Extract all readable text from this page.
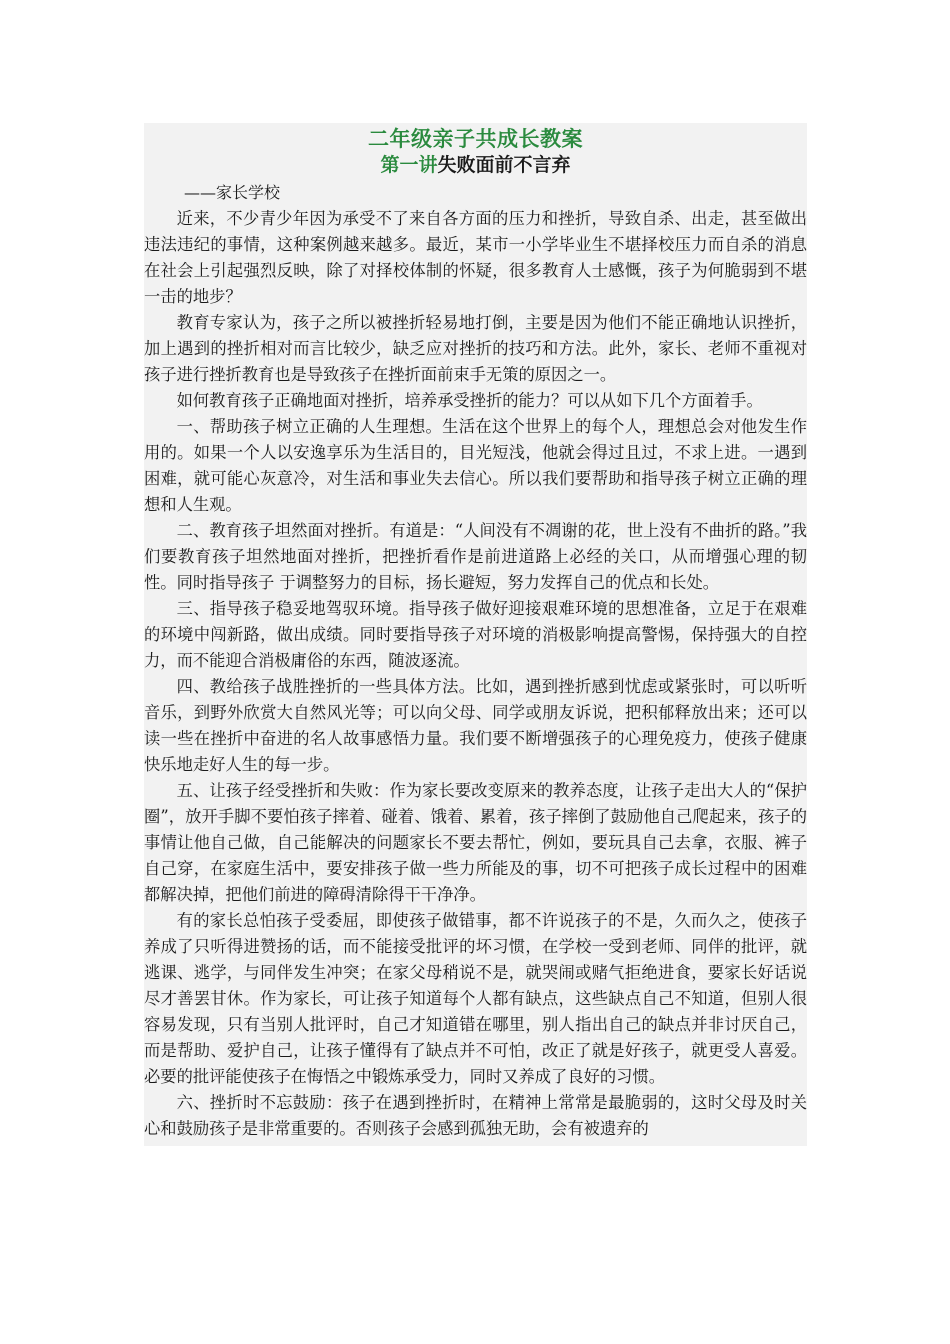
二年级亲子共成长教案
第一讲失败面前不言弃

——家长学校

近来，不少青少年因为承受不了来自各方面的压力和挫折，导致自杀、出走，甚至做出违法违纪的事情，这种案例越来越多。最近，某市一小学毕业生不堪择校压力而自杀的消息在社会上引起强烈反映，除了对择校体制的怀疑，很多教育人士感慨，孩子为何脆弱到不堪一击的地步？

教育专家认为，孩子之所以被挫折轻易地打倒，主要是因为他们不能正确地认识挫折，加上遇到的挫折相对而言比较少，缺乏应对挫折的技巧和方法。此外，家长、老师不重视对孩子进行挫折教育也是导致孩子在挫折面前束手无策的原因之一。

如何教育孩子正确地面对挫折，培养承受挫折的能力？可以从如下几个方面着手。

一、帮助孩子树立正确的人生理想。生活在这个世界上的每个人，理想总会对他发生作用的。如果一个人以安逸享乐为生活目的，目光短浅，他就会得过且过，不求上进。一遇到困难，就可能心灰意冷，对生活和事业失去信心。所以我们要帮助和指导孩子树立正确的理想和人生观。

二、教育孩子坦然面对挫折。有道是：“人间没有不凋谢的花，世上没有不曲折的路。”我们要教育孩子坦然地面对挫折，把挫折看作是前进道路上必经的关口，从而增强心理的韧性。同时指导孩子 于调整努力的目标，扬长避短，努力发挥自己的优点和长处。

三、指导孩子稳妥地驾驭环境。指导孩子做好迎接艰难环境的思想准备，立足于在艰难的环境中闯新路，做出成绩。同时要指导孩子对环境的消极影响提高警惕，保持强大的自控力，而不能迎合消极庸俗的东西，随波逐流。

四、教给孩子战胜挫折的一些具体方法。比如，遇到挫折感到忧虑或紧张时，可以听听音乐，到野外欣赏大自然风光等；可以向父母、同学或朋友诉说，把积郁释放出来；还可以读一些在挫折中奋进的名人故事感悟力量。我们要不断增强孩子的心理免疫力，使孩子健康快乐地走好人生的每一步。

五、让孩子经受挫折和失败：作为家长要改变原来的教养态度，让孩子走出大人的“保护圈”，放开手脚不要怕孩子摔着、碰着、饿着、累着，孩子摔倒了鼓励他自己爬起来，孩子的事情让他自己做，自己能解决的问题家长不要去帮忙，例如，要玩具自己去拿，衣服、裤子自己穿，在家庭生活中，要安排孩子做一些力所能及的事，切不可把孩子成长过程中的困难都解决掉，把他们前进的障碍清除得干干净净。

有的家长总怕孩子受委屈，即使孩子做错事，都不许说孩子的不是，久而久之，使孩子养成了只听得进赞扬的话，而不能接受批评的坏习惯，在学校一受到老师、同伴的批评，就逃课、逃学，与同伴发生冲突；在家父母稍说不是，就哭闹或赌气拒绝进食，要家长好话说尽才善罢甘休。作为家长，可让孩子知道每个人都有缺点，这些缺点自己不知道，但别人很容易发现，只有当别人批评时，自己才知道错在哪里，别人指出自己的缺点并非讨厌自己，而是帮助、爱护自己，让孩子懂得有了缺点并不可怕，改正了就是好孩子，就更受人喜爱。必要的批评能使孩子在悔悟之中锻炼承受力，同时又养成了良好的习惯。

六、挫折时不忘鼓励：孩子在遇到挫折时，在精神上常常是最脆弱的，这时父母及时关心和鼓励孩子是非常重要的。否则孩子会感到孤独无助，会有被遗弃的
